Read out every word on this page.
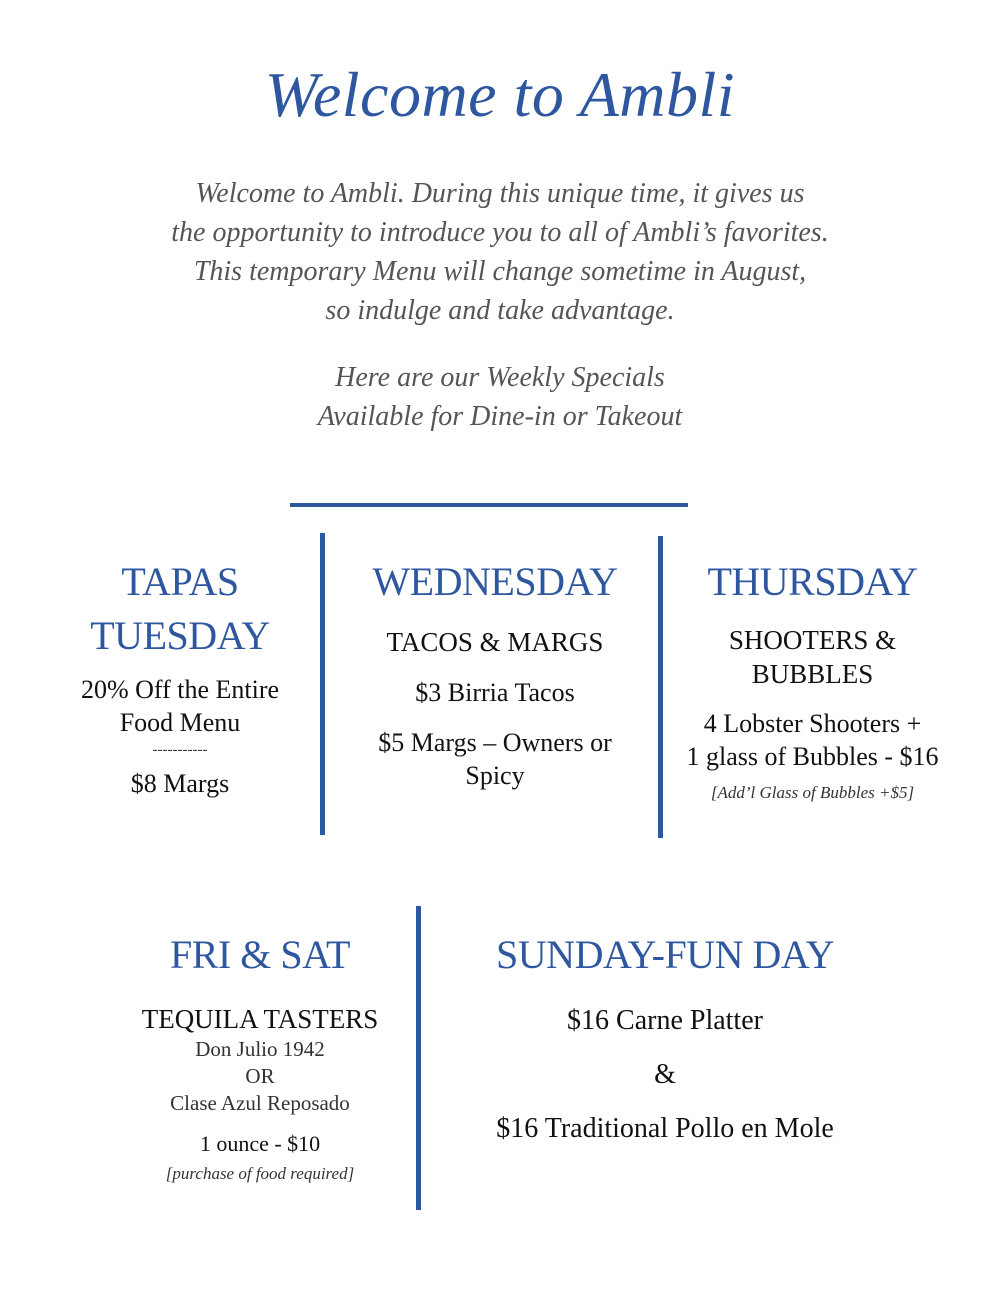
Welcome to Ambli
Welcome to Ambli. During this unique time, it gives us
the opportunity to introduce you to all of Ambli’s favorites.
This temporary Menu will change sometime in August,
so indulge and take advantage.
Here are our Weekly Specials
Available for Dine-in or Takeout
TAPAS
TUESDAY
20% Off the Entire
Food Menu
-----------
$8 Margs
WEDNESDAY
TACOS & MARGS
$3 Birria Tacos
$5 Margs – Owners or
Spicy
THURSDAY
SHOOTERS &
BUBBLES
4 Lobster Shooters +
1 glass of Bubbles - $16
[Add’l Glass of Bubbles +$5]
FRI & SAT
TEQUILA TASTERS
Don Julio 1942
OR
Clase Azul Reposado
1 ounce - $10
[purchase of food required]
SUNDAY-FUN DAY
$16 Carne Platter
&
$16 Traditional Pollo en Mole
